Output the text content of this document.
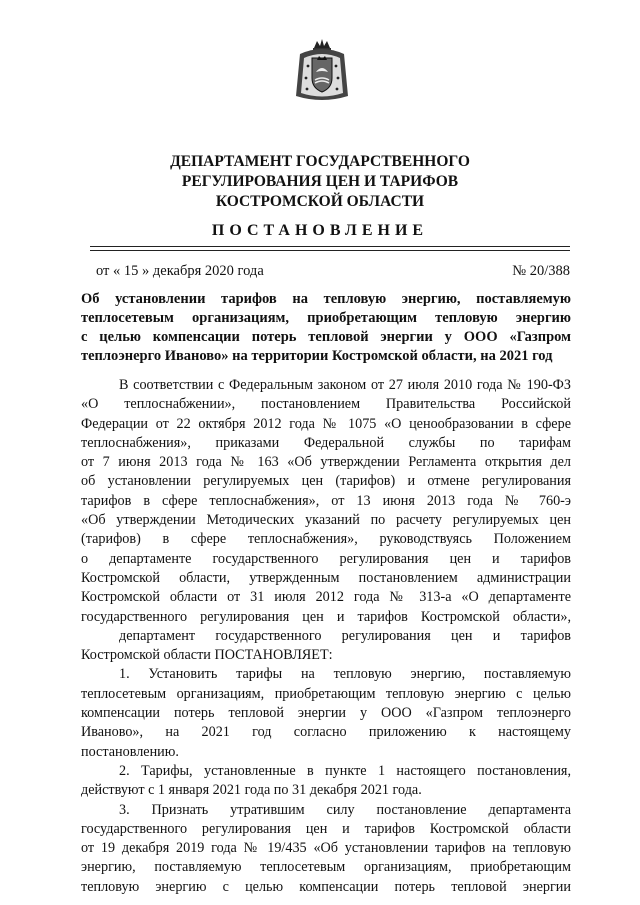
ДЕПАРТАМЕНТ ГОСУДАРСТВЕННОГО
РЕГУЛИРОВАНИЯ ЦЕН И ТАРИФОВ
КОСТРОМСКОЙ ОБЛАСТИ
ПОСТАНОВЛЕНИЕ
от « 15 » декабря 2020 года	№ 20/388
Об установлении тарифов на тепловую энергию, поставляемую
теплосетевым организациям, приобретающим тепловую энергию
с целью компенсации потерь тепловой энергии у ООО «Газпром
теплоэнерго Иваново» на территории Костромской области, на 2021 год
В соответствии с Федеральным законом от 27 июля 2010 года № 190-ФЗ
«О теплоснабжении», постановлением Правительства Российской
Федерации от 22 октября 2012 года № 1075 «О ценообразовании в сфере
теплоснабжения», приказами Федеральной службы по тарифам
от 7 июня 2013 года № 163 «Об утверждении Регламента открытия дел
об установлении регулируемых цен (тарифов) и отмене регулирования
тарифов в сфере теплоснабжения», от 13 июня 2013 года № 760-э
«Об утверждении Методических указаний по расчету регулируемых цен
(тарифов) в сфере теплоснабжения», руководствуясь Положением
о департаменте государственного регулирования цен и тарифов
Костромской области, утвержденным постановлением администрации
Костромской области от 31 июля 2012 года № 313-а «О департаменте
государственного регулирования цен и тарифов Костромской области»,
департамент государственного регулирования цен и тарифов
Костромской области ПОСТАНОВЛЯЕТ:
1. Установить тарифы на тепловую энергию, поставляемую
теплосетевым организациям, приобретающим тепловую энергию с целью
компенсации потерь тепловой энергии у ООО «Газпром теплоэнерго
Иваново», на 2021 год согласно приложению к настоящему
постановлению.
2. Тарифы, установленные в пункте 1 настоящего постановления,
действуют с 1 января 2021 года по 31 декабря 2021 года.
3. Признать утратившим силу постановление департамента
государственного регулирования цен и тарифов Костромской области
от 19 декабря 2019 года № 19/435 «Об установлении тарифов на тепловую
энергию, поставляемую теплосетевым организациям, приобретающим
тепловую энергию с целью компенсации потерь тепловой энергии
